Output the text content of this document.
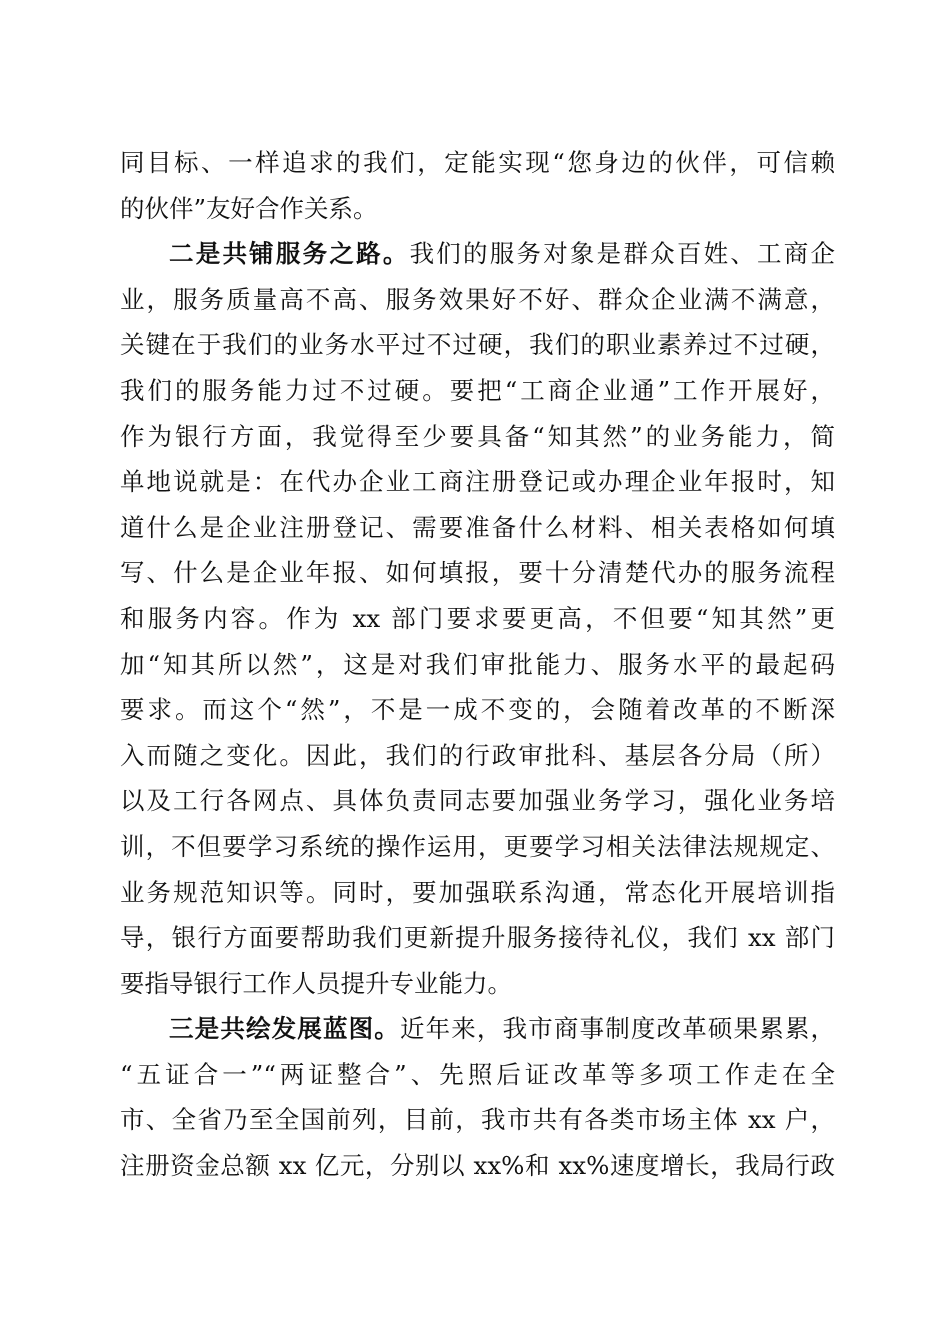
同目标、一样追求的我们，定能实现“您身边的伙伴，可信赖
的伙伴”友好合作关系。
二是共铺服务之路。我们的服务对象是群众百姓、工商企
业，服务质量高不高、服务效果好不好、群众企业满不满意，
关键在于我们的业务水平过不过硬，我们的职业素养过不过硬，
我们的服务能力过不过硬。要把“工商企业通”工作开展好，
作为银行方面，我觉得至少要具备“知其然”的业务能力，简
单地说就是：在代办企业工商注册登记或办理企业年报时，知
道什么是企业注册登记、需要准备什么材料、相关表格如何填
写、什么是企业年报、如何填报，要十分清楚代办的服务流程
和服务内容。作为 xx 部门要求要更高，不但要“知其然”更
加“知其所以然”，这是对我们审批能力、服务水平的最起码
要求。而这个“然”，不是一成不变的，会随着改革的不断深
入而随之变化。因此，我们的行政审批科、基层各分局（所）
以及工行各网点、具体负责同志要加强业务学习，强化业务培
训，不但要学习系统的操作运用，更要学习相关法律法规规定、
业务规范知识等。同时，要加强联系沟通，常态化开展培训指
导，银行方面要帮助我们更新提升服务接待礼仪，我们 xx 部门
要指导银行工作人员提升专业能力。
三是共绘发展蓝图。近年来，我市商事制度改革硕果累累，
“五证合一”“两证整合”、先照后证改革等多项工作走在全
市、全省乃至全国前列，目前，我市共有各类市场主体 xx 户，
注册资金总额 xx 亿元，分别以 xx%和 xx%速度增长，我局行政
